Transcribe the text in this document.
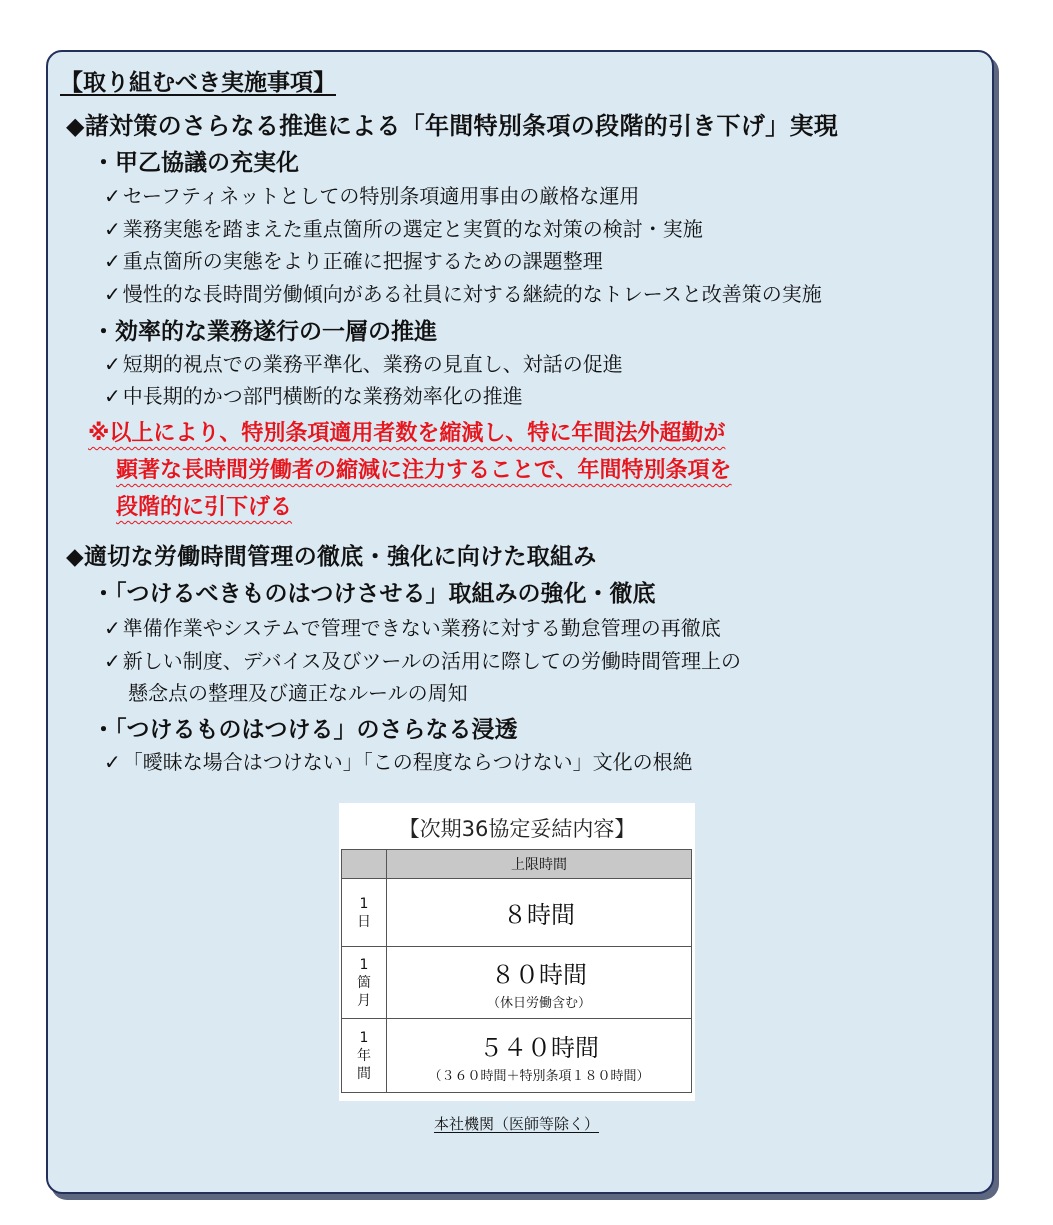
【取り組むべき実施事項】
◆諸対策のさらなる推進による「年間特別条項の段階的引き下げ」実現
・甲乙協議の充実化
✓ セーフティネットとしての特別条項適用事由の厳格な運用
✓ 業務実態を踏まえた重点箇所の選定と実質的な対策の検討・実施
✓ 重点箇所の実態をより正確に把握するための課題整理
✓ 慢性的な長時間労働傾向がある社員に対する継続的なトレースと改善策の実施
・効率的な業務遂行の一層の推進
✓ 短期的視点での業務平準化、業務の見直し、対話の促進
✓ 中長期的かつ部門横断的な業務効率化の推進
※以上により、特別条項適用者数を縮減し、特に年間法外超勤が
顕著な長時間労働者の縮減に注力することで、年間特別条項を
段階的に引下げる
◆適切な労働時間管理の徹底・強化に向けた取組み
・「つけるべきものはつけさせる」取組みの強化・徹底
✓ 準備作業やシステムで管理できない業務に対する勤怠管理の再徹底
✓ 新しい制度、デバイス及びツールの活用に際しての労働時間管理上の
懸念点の整理及び適正なルールの周知
・「つけるものはつける」のさらなる浸透
✓ 「曖昧な場合はつけない」「この程度ならつけない」文化の根絶
【次期36協定妥結内容】
	上限時間
1
日	８時間

1
箇
月	８０時間
（休日労働含む）

1
年
間	５４０時間
（３６０時間＋特別条項１８０時間）
本社機関（医師等除く）
